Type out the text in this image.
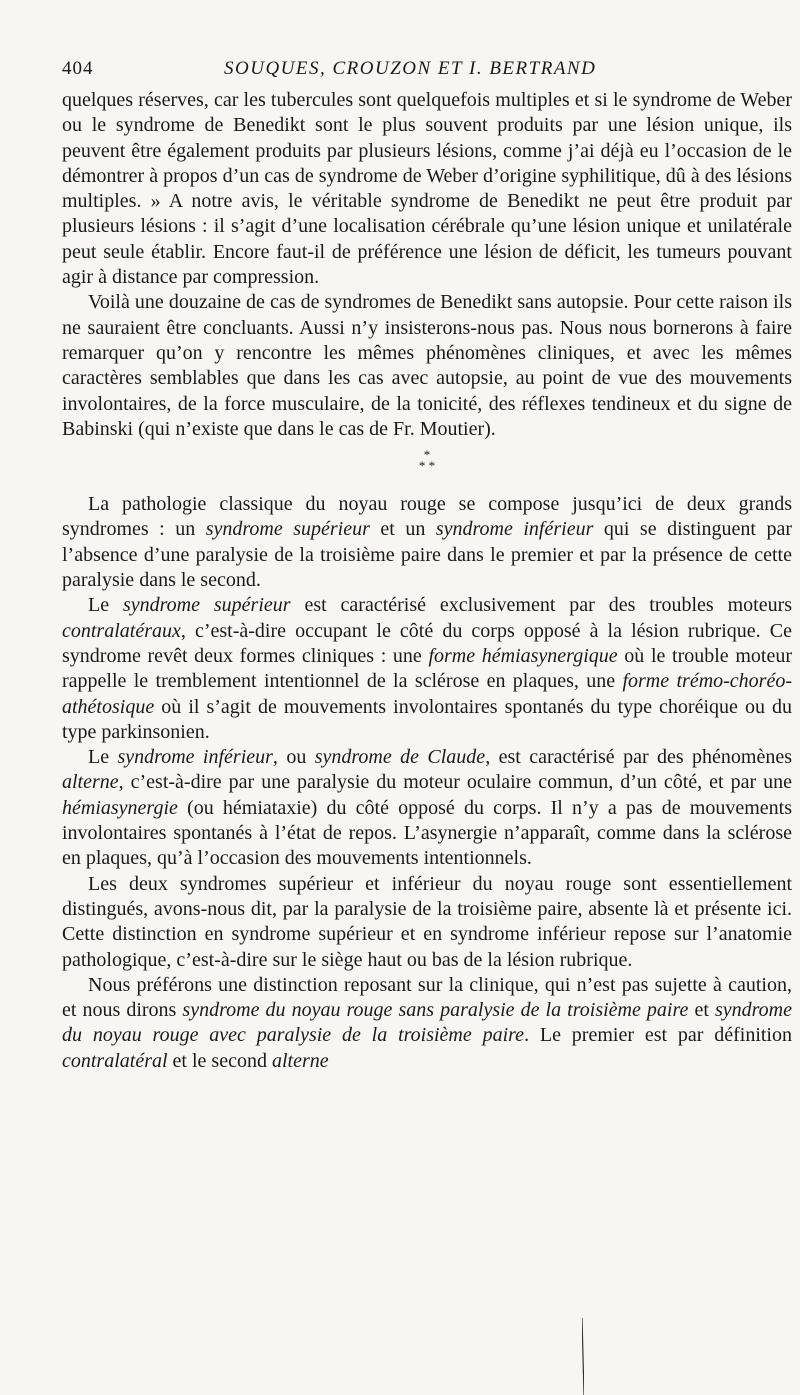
404	SOUQUES, CROUZON ET I. BERTRAND

quelques réserves, car les tubercules sont quelquefois multiples et si le syndrome de Weber ou le syndrome de Benedikt sont le plus souvent produits par une lésion unique, ils peuvent être également produits par plusieurs lésions, comme j’ai déjà eu l’occasion de le démontrer à propos d’un cas de syndrome de Weber d’origine syphilitique, dû à des lésions multiples. » A notre avis, le véritable syndrome de Benedikt ne peut être produit par plusieurs lésions : il s’agit d’une localisation cérébrale qu’une lésion unique et unilatérale peut seule établir. Encore faut-il de préférence une lésion de déficit, les tumeurs pouvant agir à distance par compression.

Voilà une douzaine de cas de syndromes de Benedikt sans autopsie. Pour cette raison ils ne sauraient être concluants. Aussi n’y insisterons-nous pas. Nous nous bornerons à faire remarquer qu’on y rencontre les mêmes phénomènes cliniques, et avec les mêmes caractères semblables que dans les cas avec autopsie, au point de vue des mouvements involontaires, de la force musculaire, de la tonicité, des réflexes tendineux et du signe de Babinski (qui n’existe que dans le cas de Fr. Moutier).

*
* *

La pathologie classique du noyau rouge se compose jusqu’ici de deux grands syndromes : un syndrome supérieur et un syndrome inférieur qui se distinguent par l’absence d’une paralysie de la troisième paire dans le premier et par la présence de cette paralysie dans le second.

Le syndrome supérieur est caractérisé exclusivement par des troubles moteurs contralatéraux, c’est-à-dire occupant le côté du corps opposé à la lésion rubrique. Ce syndrome revêt deux formes cliniques : une forme hémiasynergique où le trouble moteur rappelle le tremblement intentionnel de la sclérose en plaques, une forme trémo-choréo-athétosique où il s’agit de mouvements involontaires spontanés du type choréique ou du type parkinsonien.

Le syndrome inférieur, ou syndrome de Claude, est caractérisé par des phénomènes alterne, c’est-à-dire par une paralysie du moteur oculaire commun, d’un côté, et par une hémiasynergie (ou hémiataxie) du côté opposé du corps. Il n’y a pas de mouvements involontaires spontanés à l’état de repos. L’asynergie n’apparaît, comme dans la sclérose en plaques, qu’à l’occasion des mouvements intentionnels.

Les deux syndromes supérieur et inférieur du noyau rouge sont essentiellement distingués, avons-nous dit, par la paralysie de la troisième paire, absente là et présente ici. Cette distinction en syndrome supérieur et en syndrome inférieur repose sur l’anatomie pathologique, c’est-à-dire sur le siège haut ou bas de la lésion rubrique.

Nous préférons une distinction reposant sur la clinique, qui n’est pas sujette à caution, et nous dirons syndrome du noyau rouge sans paralysie de la troisième paire et syndrome du noyau rouge avec paralysie de la troisième paire. Le premier est par définition contralatéral et le second alterne
